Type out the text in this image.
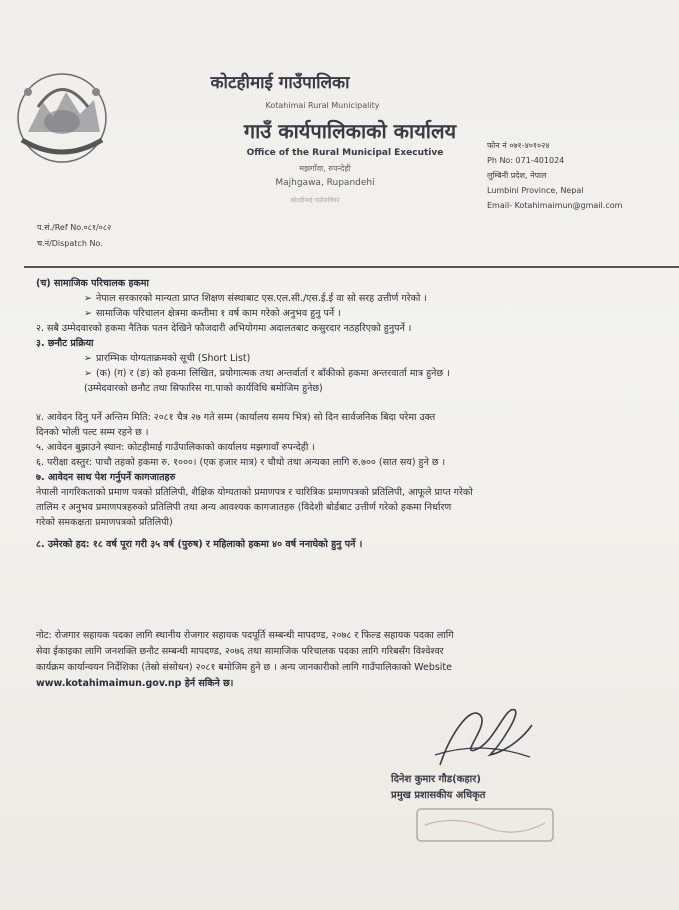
कोटहीमाई गाउँपालिका
Kotahimai Rural Municipality
गाउँ कार्यपालिकाको कार्यालय
Office of the Rural Municipal Executive
मझगाँवा, रुपन्देही
Majhgawa, Rupandehi
कोटहीमाई गाउँपालिका
फोन नं ०७१-४०१०२४
Ph No: 071-401024
लुम्बिनी प्रदेश, नेपाल
Lumbini Province, Nepal
Email- Kotahimaimun@gmail.com
प.सं./Ref No.०८१/०८२
च.नं/Dispatch No.

(च) सामाजिक परिचालक हकमा

➢ नेपाल सरकारको मान्यता प्राप्त शिक्षण संस्थाबाट एस.एल.सी./एस.ई.ई वा सो सरह उत्तीर्ण गरेको ।

➢ सामाजिक परिचालन क्षेत्रमा कम्तीमा १ वर्ष काम गरेको अनुभव हुनु पर्ने ।

२. सबै उम्मेदवारको हकमा नैतिक पतन देखिने फौजदारी अभियोगमा अदालतबाट कसुरदार नठहरिएको हुनुपर्ने ।

३. छनौट प्रक्रिया

➢ प्रारम्भिक योग्यताक्रमको सूची (Short List)

➢ (क) (ग) र (ङ) को हकमा लिखित, प्रयोगात्मक तथा अन्तर्वार्ता र बाँकीको हकमा अन्तरवार्ता मात्र हुनेछ ।

(उम्मेदवारको छनौट तथा सिफारिस गा.पाको कार्यविधि बमोजिम हुनेछ)

४. आवेदन दिनु पर्ने अन्तिम मिति: २०८१ चैत्र २७ गते सम्म (कार्यालय समय भित्र) सो दिन सार्वजनिक बिदा परेमा उक्त

दिनको भोली पल्ट सम्म रहने छ ।

५. आवेदन बुझाउने स्थान: कोटहीमाई गाउँपालिकाको कार्यालय मझगावाँ रुपन्देही ।

६. परीक्षा दस्तुर: पाचौ तहको हकमा रु. १०००। (एक हजार मात्र) र चौथो तथा अन्यका लागि रु.७०० (सात सय) हुने छ ।

७. आवेदन साथ पेश गर्नुपर्ने कागजातहरु

नेपाली नागरिकताको प्रमाण पत्रको प्रतिलिपी, शैक्षिक योग्यताको प्रमाणपत्र र चारित्रिक प्रमाणपत्रको प्रतिलिपी, आफूले प्राप्त गरेको

तालिम र अनुभव प्रमाणपत्रहरुको प्रतिलिपी तथा अन्य आवश्यक कागजातहरु (विदेशी बोर्डबाट उत्तीर्ण गरेको हकमा निर्धारण

गरेको समकक्षता प्रमाणपत्रको प्रतिलिपी)

८. उमेरको हद: १८ वर्ष पूरा गरी ३५ वर्ष (पुरुष) र महिलाको हकमा ४० वर्ष ननाघेको हुनु पर्ने ।

नोट: रोजगार सहायक पदका लागि स्थानीय रोजगार सहायक पदपूर्ति सम्बन्धी मापदण्ड, २०७८ र फिल्ड सहायक पदका लागि

सेवा ईकाइका लागि जनशक्ति छनौट सम्बन्धी मापदण्ड, २०७६ तथा सामाजिक परिचालक पदका लागि गरिबसँग विश्वेश्वर

कार्यक्रम कार्यान्वयन निर्देशिका (तेस्रो संसोधन) २०८१ बमोजिम हुने छ । अन्य जानकारीको लागि गाउँपालिकाको Website

www.kotahimaimun.gov.np हेर्न सकिने छ।

दिनेश कुमार गौड(कहार)
प्रमुख प्रशासकीय अधिकृत
